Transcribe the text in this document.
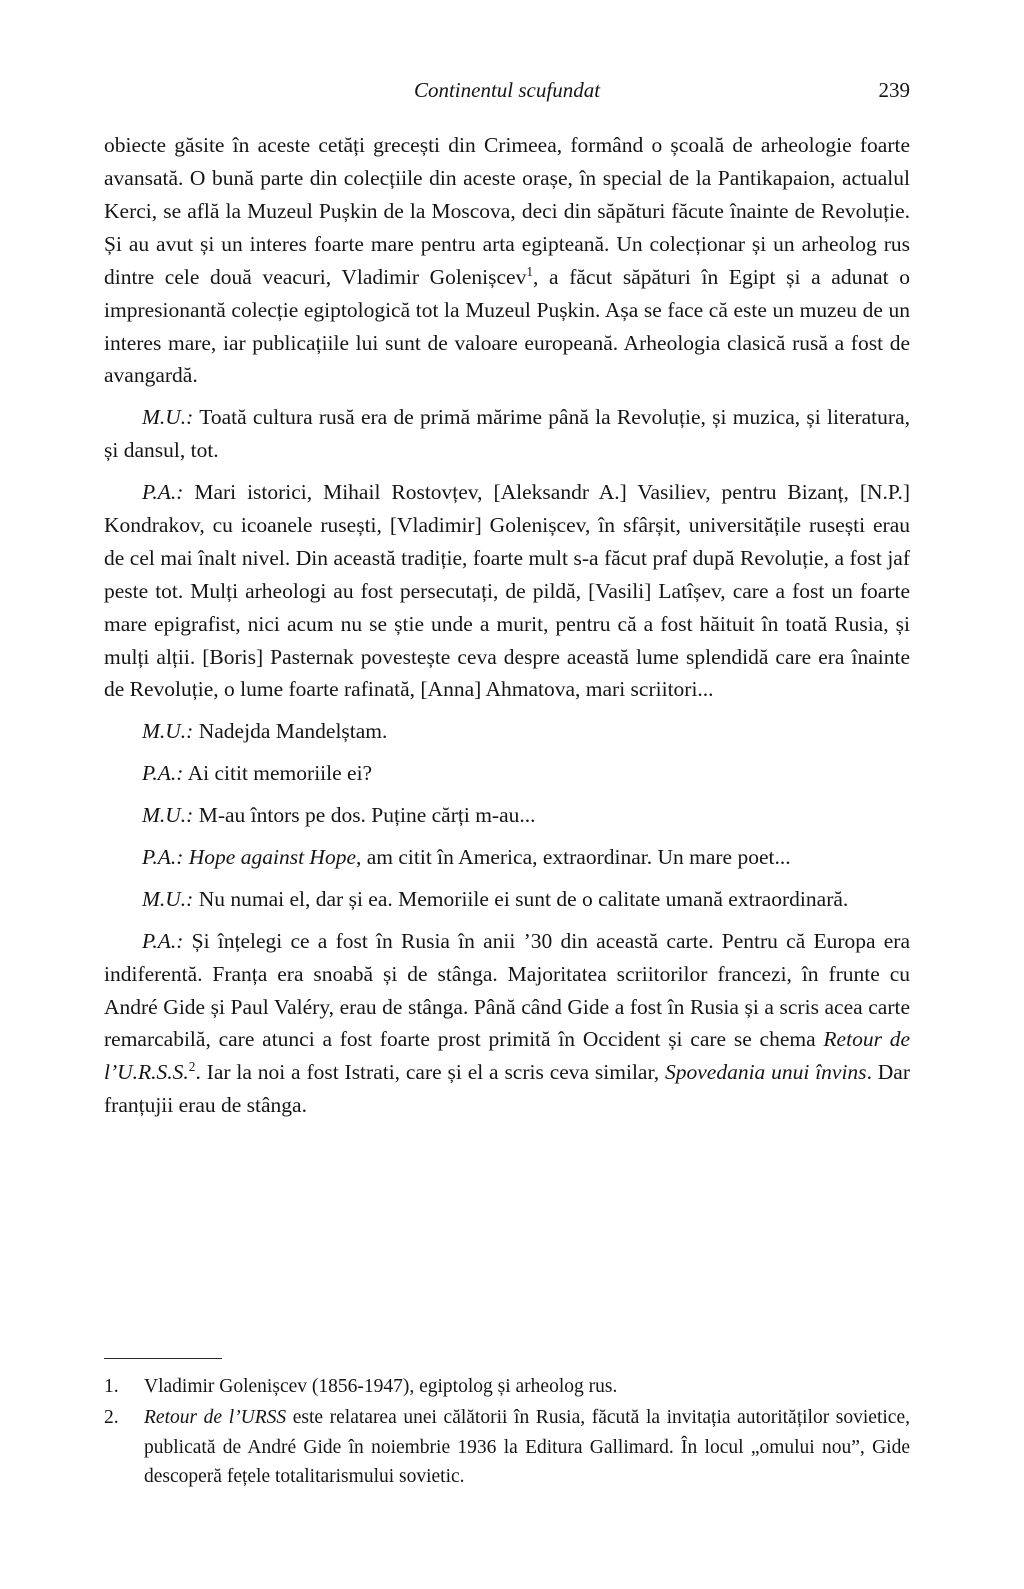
Continentul scufundat	239

obiecte găsite în aceste cetăți grecești din Crimeea, formând o școală de arheologie foarte avansată. O bună parte din colecțiile din aceste orașe, în special de la Pantikapaion, actualul Kerci, se află la Muzeul Pușkin de la Moscova, deci din săpături făcute înainte de Revoluție. Și au avut și un interes foarte mare pentru arta egipteană. Un colecționar și un arheolog rus dintre cele două veacuri, Vladimir Golenișcev$^1$, a făcut săpături în Egipt și a adunat o impresionantă colecție egiptologică tot la Muzeul Pușkin. Așa se face că este un muzeu de un interes mare, iar publicațiile lui sunt de valoare europeană. Arheologia clasică rusă a fost de avangardă.

M.U.: Toată cultura rusă era de primă mărime până la Revoluție, și muzica, și literatura, și dansul, tot.

P.A.: Mari istorici, Mihail Rostovțev, [Aleksandr A.] Vasiliev, pentru Bizanț, [N.P.] Kondrakov, cu icoanele rusești, [Vladimir] Golenișcev, în sfârșit, universitățile rusești erau de cel mai înalt nivel. Din această tradiție, foarte mult s-a făcut praf după Revoluție, a fost jaf peste tot. Mulți arheologi au fost persecutați, de pildă, [Vasili] Latîșev, care a fost un foarte mare epigrafist, nici acum nu se știe unde a murit, pentru că a fost hăituit în toată Rusia, și mulți alții. [Boris] Pasternak povestește ceva despre această lume splendidă care era înainte de Revoluție, o lume foarte rafinată, [Anna] Ahmatova, mari scriitori...

M.U.: Nadejda Mandelștam.

P.A.: Ai citit memoriile ei?

M.U.: M-au întors pe dos. Puține cărți m-au...

P.A.: Hope against Hope, am citit în America, extraordinar. Un mare poet...

M.U.: Nu numai el, dar și ea. Memoriile ei sunt de o calitate umană extraordinară.

P.A.: Și înțelegi ce a fost în Rusia în anii ’30 din această carte. Pentru că Europa era indiferentă. Franța era snoabă și de stânga. Majoritatea scriitorilor francezi, în frunte cu André Gide și Paul Valéry, erau de stânga. Până când Gide a fost în Rusia și a scris acea carte remarcabilă, care atunci a fost foarte prost primită în Occident și care se chema Retour de l’U.R.S.S.$^2$. Iar la noi a fost Istrati, care și el a scris ceva similar, Spovedania unui învins. Dar franțujii erau de stânga.

1. Vladimir Golenișcev (1856-1947), egiptolog și arheolog rus.
2. Retour de l’URSS este relatarea unei călătorii în Rusia, făcută la invitația autorităților sovietice, publicată de André Gide în noiembrie 1936 la Editura Gallimard. În locul „omului nou”, Gide descoperă fețele totalitarismului sovietic.
